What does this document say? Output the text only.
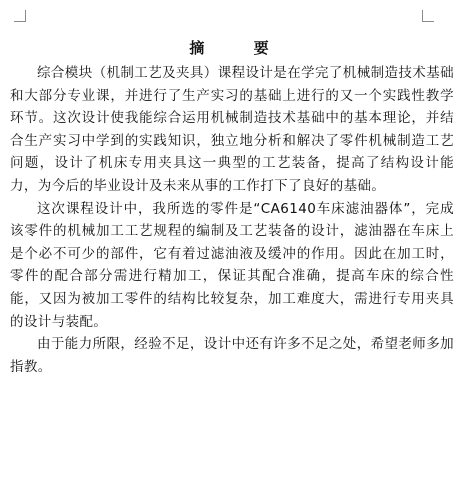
摘 要

综合模块（机制工艺及夹具）课程设计是在学完了机械制造技术基础和大部分专业课，并进行了生产实习的基础上进行的又一个实践性教学环节。这次设计使我能综合运用机械制造技术基础中的基本理论，并结合生产实习中学到的实践知识，独立地分析和解决了零件机械制造工艺问题，设计了机床专用夹具这一典型的工艺装备，提高了结构设计能力，为今后的毕业设计及未来从事的工作打下了良好的基础。

这次课程设计中，我所选的零件是“CA6140车床滤油器体”，完成该零件的机械加工工艺规程的编制及工艺装备的设计，滤油器在车床上是个必不可少的部件，它有着过滤油液及缓冲的作用。因此在加工时，零件的配合部分需进行精加工，保证其配合准确，提高车床的综合性能，又因为被加工零件的结构比较复杂，加工难度大，需进行专用夹具的设计与装配。

由于能力所限，经验不足，设计中还有许多不足之处，希望老师多加指教。
